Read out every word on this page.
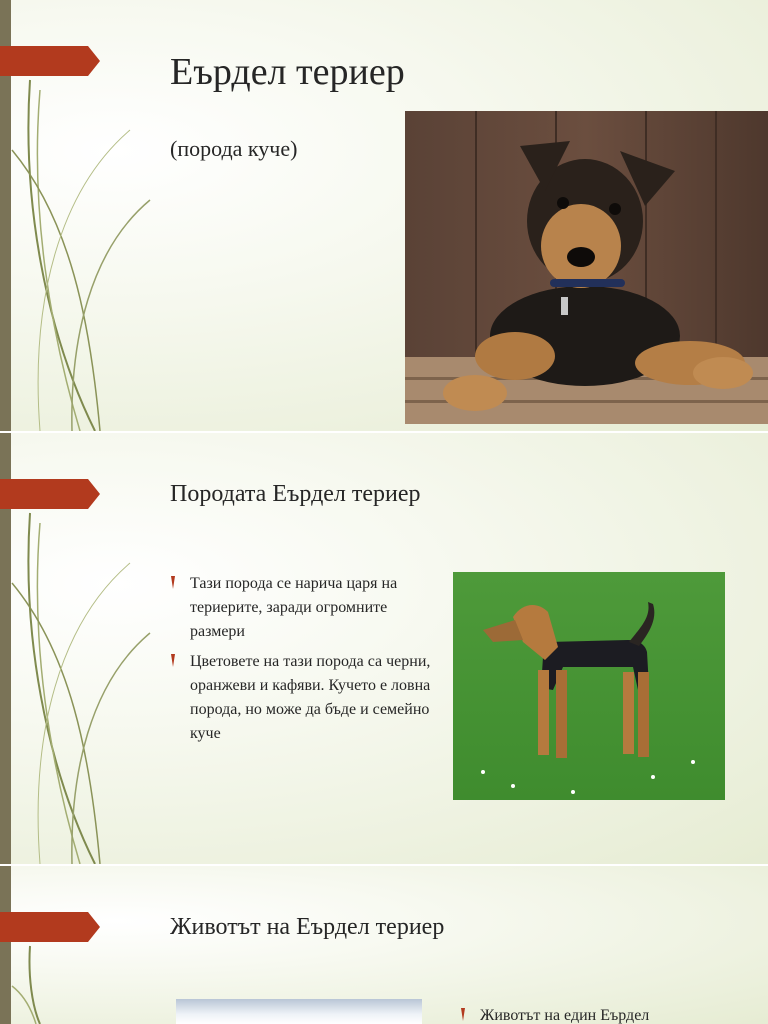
Еърдел териер
(порода куче)
Породата Еърдел териер
Тази порода се нарича царя на териерите, заради огромните размери
Цветовете на тази порода са черни, оранжеви и кафяви. Кучето е ловна порода, но може да бъде и семейно куче
Животът на Еърдел териер
Животът на един Еърдел
